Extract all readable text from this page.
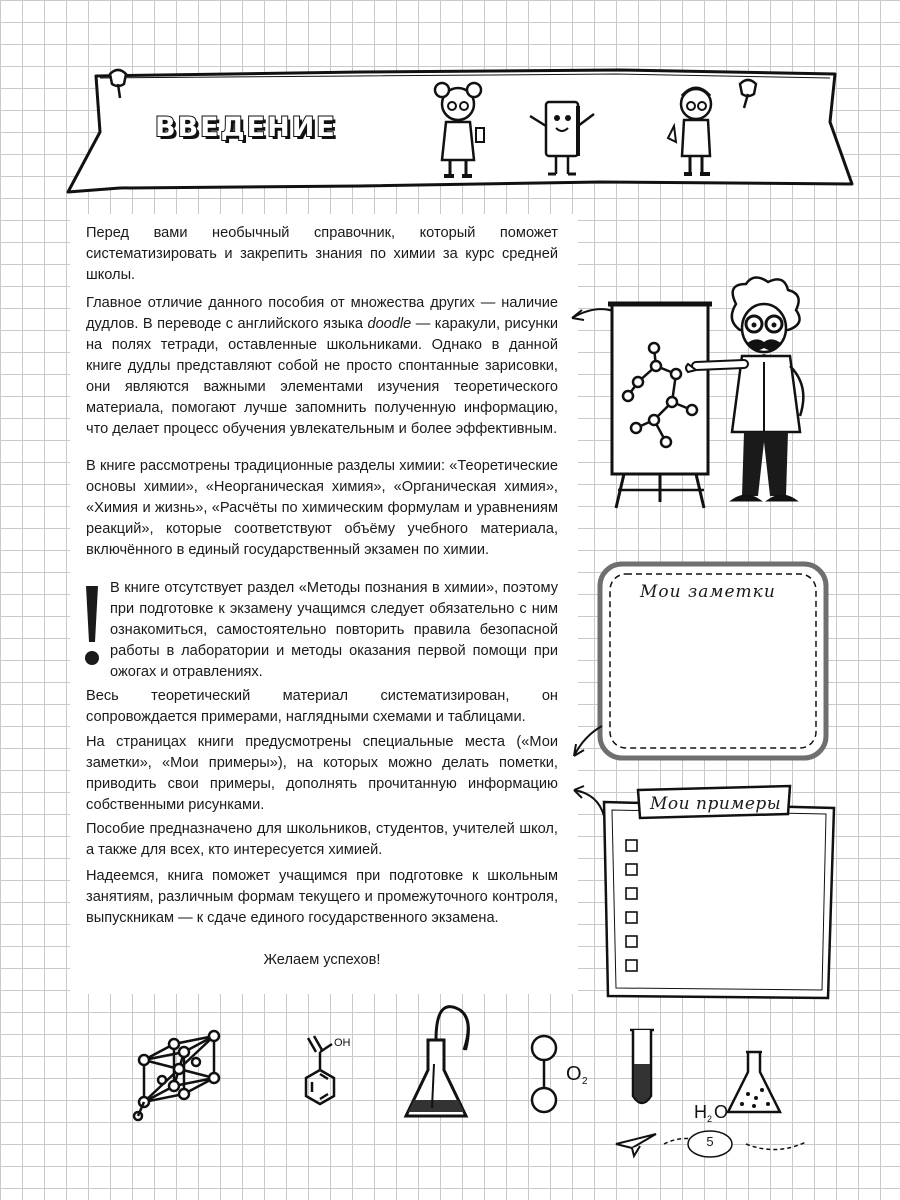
ВВЕДЕНИЕ

Перед вами необычный справочник, который поможет систематизировать и закрепить знания по химии за курс средней школы.

Главное отличие данного пособия от множества других — наличие дудлов. В переводе с английского языка doodle — каракули, рисунки на полях тетради, оставленные школьниками. Однако в данной книге дудлы представляют собой не просто спонтанные зарисовки, они являются важными элементами изучения теоретического материала, помогают лучше запомнить полученную информацию, что делает процесс обучения увлекательным и более эффективным.

В книге рассмотрены традиционные разделы химии: «Теоретические основы химии», «Неорганическая химия», «Органическая химия», «Химия и жизнь», «Расчёты по химическим формулам и уравнениям реакций», которые соответствуют объёму учебного материала, включённого в единый государственный экзамен по химии.

В книге отсутствует раздел «Методы познания в химии», поэтому при подготовке к экзамену учащимся следует обязательно с ним ознакомиться, самостоятельно повторить правила безопасной работы в лаборатории и методы оказания первой помощи при ожогах и отравлениях.

Весь теоретический материал систематизирован, он сопровождается примерами, наглядными схемами и таблицами.

На страницах книги предусмотрены специальные места («Мои заметки», «Мои примеры»), на которых можно делать пометки, приводить свои примеры, дополнять прочитанную информацию собственными рисунками.

Пособие предназначено для школьников, студентов, учителей школ, а также для всех, кто интересуется химией.

Надеемся, книга поможет учащимся при подготовке к школьным занятиям, различным формам текущего и промежуточного контроля, выпускникам — к сдаче единого государственного экзамена.

Желаем успехов!
Мои заметки
Мои примеры
OH
O 2
H 2 O
5
